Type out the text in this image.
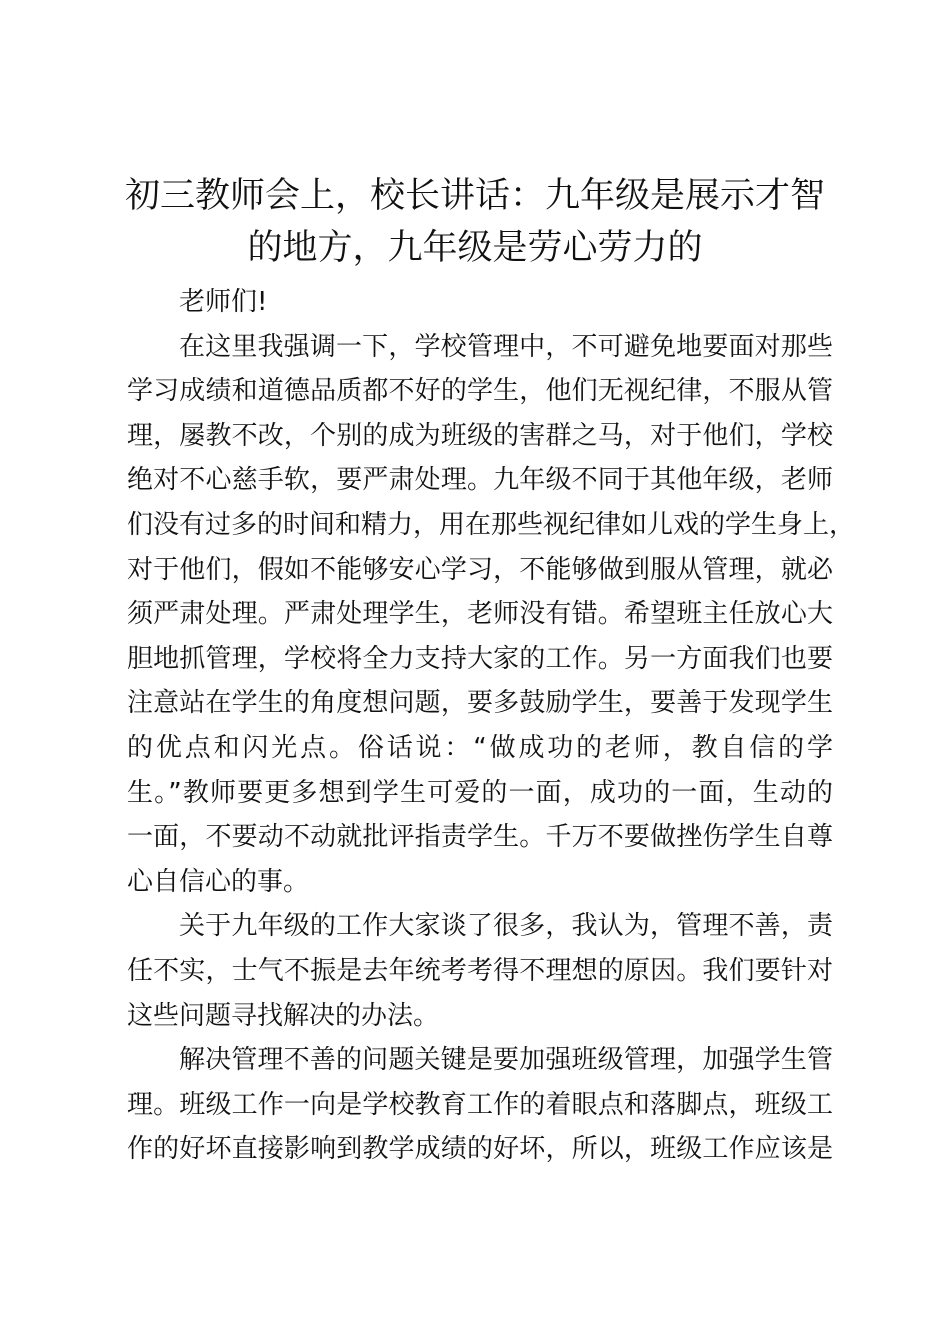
初三教师会上，校长讲话：九年级是展示才智
的地方，九年级是劳心劳力的
老师们!
在这里我强调一下，学校管理中，不可避免地要面对那些
学习成绩和道德品质都不好的学生，他们无视纪律，不服从管
理，屡教不改，个别的成为班级的害群之马，对于他们，学校
绝对不心慈手软，要严肃处理。九年级不同于其他年级，老师
们没有过多的时间和精力，用在那些视纪律如儿戏的学生身上，
对于他们，假如不能够安心学习，不能够做到服从管理，就必
须严肃处理。严肃处理学生，老师没有错。希望班主任放心大
胆地抓管理，学校将全力支持大家的工作。另一方面我们也要
注意站在学生的角度想问题，要多鼓励学生，要善于发现学生
的优点和闪光点。俗话说：“做成功的老师，教自信的学
生。”教师要更多想到学生可爱的一面，成功的一面，生动的
一面，不要动不动就批评指责学生。千万不要做挫伤学生自尊
心自信心的事。
关于九年级的工作大家谈了很多，我认为，管理不善，责
任不实，士气不振是去年统考考得不理想的原因。我们要针对
这些问题寻找解决的办法。
解决管理不善的问题关键是要加强班级管理，加强学生管
理。班级工作一向是学校教育工作的着眼点和落脚点，班级工
作的好坏直接影响到教学成绩的好坏，所以，班级工作应该是
